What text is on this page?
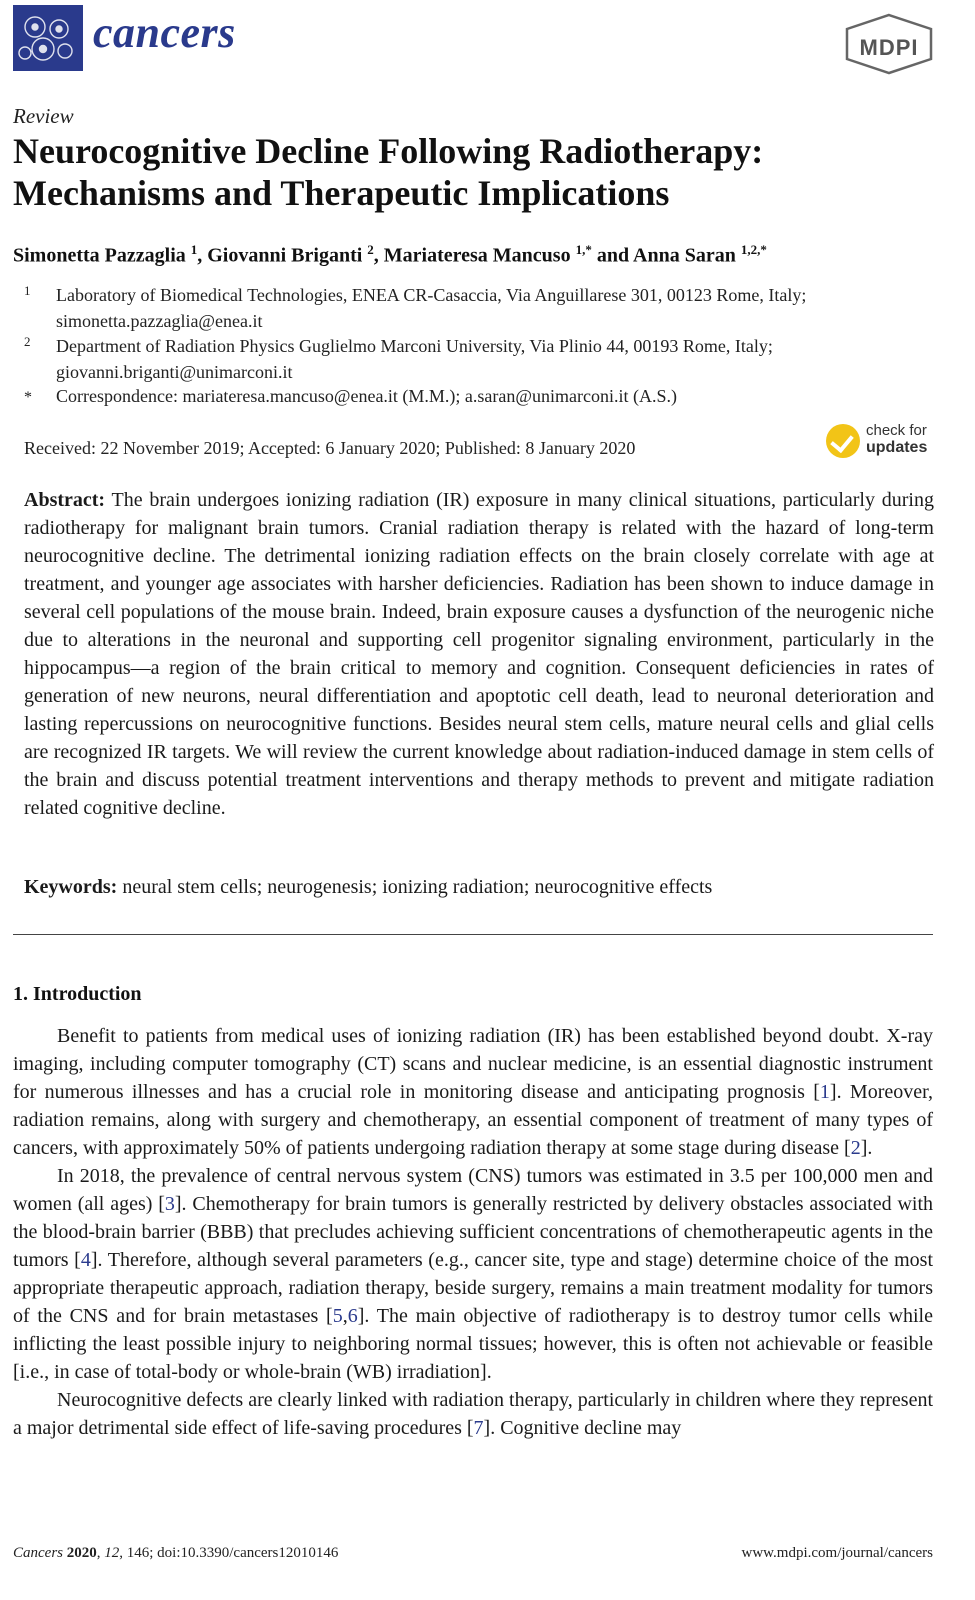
cancers	MDPI
Review
Neurocognitive Decline Following Radiotherapy:
Mechanisms and Therapeutic Implications
Simonetta Pazzaglia $^1$, Giovanni Briganti $^2$, Mariateresa Mancuso $^{1,*}$ and Anna Saran $^{1,2,*}$
1 Laboratory of Biomedical Technologies, ENEA CR-Casaccia, Via Anguillarese 301, 00123 Rome, Italy;
simonetta.pazzaglia@enea.it
2 Department of Radiation Physics Guglielmo Marconi University, Via Plinio 44, 00193 Rome, Italy;
giovanni.briganti@unimarconi.it
* Correspondence: mariateresa.mancuso@enea.it (M.M.); a.saran@unimarconi.it (A.S.)
Received: 22 November 2019; Accepted: 6 January 2020; Published: 8 January 2020
check for
updates

Abstract: The brain undergoes ionizing radiation (IR) exposure in many clinical situations, particularly during radiotherapy for malignant brain tumors. Cranial radiation therapy is related with the hazard of long-term neurocognitive decline. The detrimental ionizing radiation effects on the brain closely correlate with age at treatment, and younger age associates with harsher deficiencies. Radiation has been shown to induce damage in several cell populations of the mouse brain. Indeed, brain exposure causes a dysfunction of the neurogenic niche due to alterations in the neuronal and supporting cell progenitor signaling environment, particularly in the hippocampus—a region of the brain critical to memory and cognition. Consequent deficiencies in rates of generation of new neurons, neural differentiation and apoptotic cell death, lead to neuronal deterioration and lasting repercussions on neurocognitive functions. Besides neural stem cells, mature neural cells and glial cells are recognized IR targets. We will review the current knowledge about radiation-induced damage in stem cells of the brain and discuss potential treatment interventions and therapy methods to prevent and mitigate radiation related cognitive decline.

Keywords: neural stem cells; neurogenesis; ionizing radiation; neurocognitive effects
1. Introduction

Benefit to patients from medical uses of ionizing radiation (IR) has been established beyond doubt. X-ray imaging, including computer tomography (CT) scans and nuclear medicine, is an essential diagnostic instrument for numerous illnesses and has a crucial role in monitoring disease and anticipating prognosis [1]. Moreover, radiation remains, along with surgery and chemotherapy, an essential component of treatment of many types of cancers, with approximately 50% of patients undergoing radiation therapy at some stage during disease [2].

In 2018, the prevalence of central nervous system (CNS) tumors was estimated in 3.5 per 100,000 men and women (all ages) [3]. Chemotherapy for brain tumors is generally restricted by delivery obstacles associated with the blood-brain barrier (BBB) that precludes achieving sufficient concentrations of chemotherapeutic agents in the tumors [4]. Therefore, although several parameters (e.g., cancer site, type and stage) determine choice of the most appropriate therapeutic approach, radiation therapy, beside surgery, remains a main treatment modality for tumors of the CNS and for brain metastases [5,6]. The main objective of radiotherapy is to destroy tumor cells while inflicting the least possible injury to neighboring normal tissues; however, this is often not achievable or feasible [i.e., in case of total-body or whole-brain (WB) irradiation].

Neurocognitive defects are clearly linked with radiation therapy, particularly in children where they represent a major detrimental side effect of life-saving procedures [7]. Cognitive decline may

Cancers 2020, 12, 146; doi:10.3390/cancers12010146	www.mdpi.com/journal/cancers
